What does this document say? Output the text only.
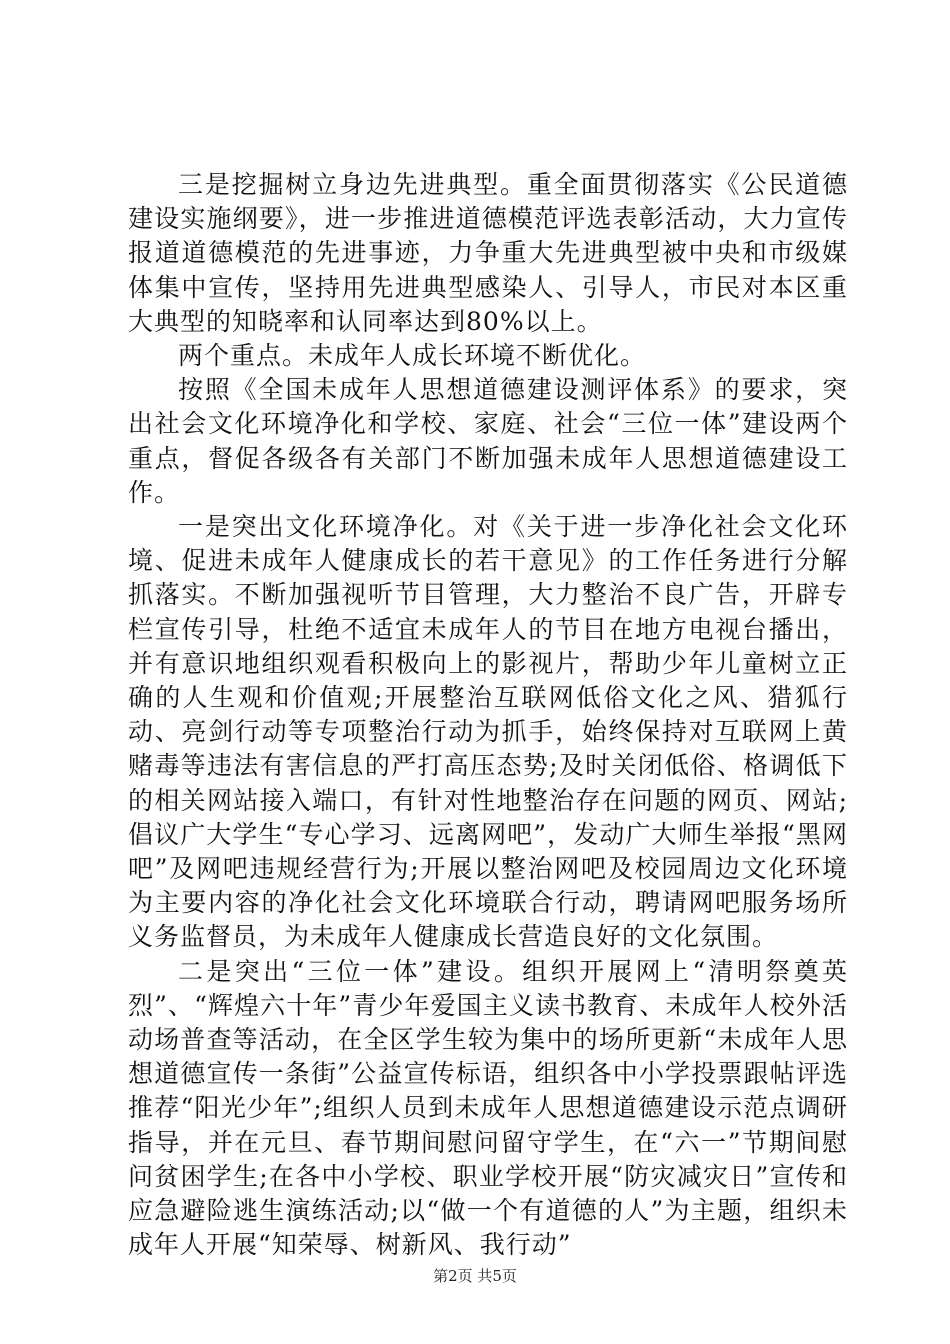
三是挖掘树立身边先进典型。重全面贯彻落实《公民道德建设实施纲要》，进一步推进道德模范评选表彰活动，大力宣传报道道德模范的先进事迹，力争重大先进典型被中央和市级媒体集中宣传，坚持用先进典型感染人、引导人，市民对本区重大典型的知晓率和认同率达到80%以上。

两个重点。未成年人成长环境不断优化。

按照《全国未成年人思想道德建设测评体系》的要求，突出社会文化环境净化和学校、家庭、社会“三位一体”建设两个重点，督促各级各有关部门不断加强未成年人思想道德建设工作。

一是突出文化环境净化。对《关于进一步净化社会文化环境、促进未成年人健康成长的若干意见》的工作任务进行分解抓落实。不断加强视听节目管理，大力整治不良广告，开辟专栏宣传引导，杜绝不适宜未成年人的节目在地方电视台播出，并有意识地组织观看积极向上的影视片，帮助少年儿童树立正确的人生观和价值观;开展整治互联网低俗文化之风、猎狐行动、亮剑行动等专项整治行动为抓手，始终保持对互联网上黄赌毒等违法有害信息的严打高压态势;及时关闭低俗、格调低下的相关网站接入端口，有针对性地整治存在问题的网页、网站;倡议广大学生“专心学习、远离网吧”，发动广大师生举报“黑网吧”及网吧违规经营行为;开展以整治网吧及校园周边文化环境为主要内容的净化社会文化环境联合行动，聘请网吧服务场所义务监督员，为未成年人健康成长营造良好的文化氛围。

二是突出“三位一体”建设。组织开展网上“清明祭奠英烈”、“辉煌六十年”青少年爱国主义读书教育、未成年人校外活动场普查等活动，在全区学生较为集中的场所更新“未成年人思想道德宣传一条街”公益宣传标语，组织各中小学投票跟帖评选推荐“阳光少年”;组织人员到未成年人思想道德建设示范点调研指导，并在元旦、春节期间慰问留守学生，在“六一”节期间慰问贫困学生;在各中小学校、职业学校开展“防灾减灾日”宣传和应急避险逃生演练活动;以“做一个有道德的人”为主题，组织未成年人开展“知荣辱、树新风、我行动”

第2页 共5页
